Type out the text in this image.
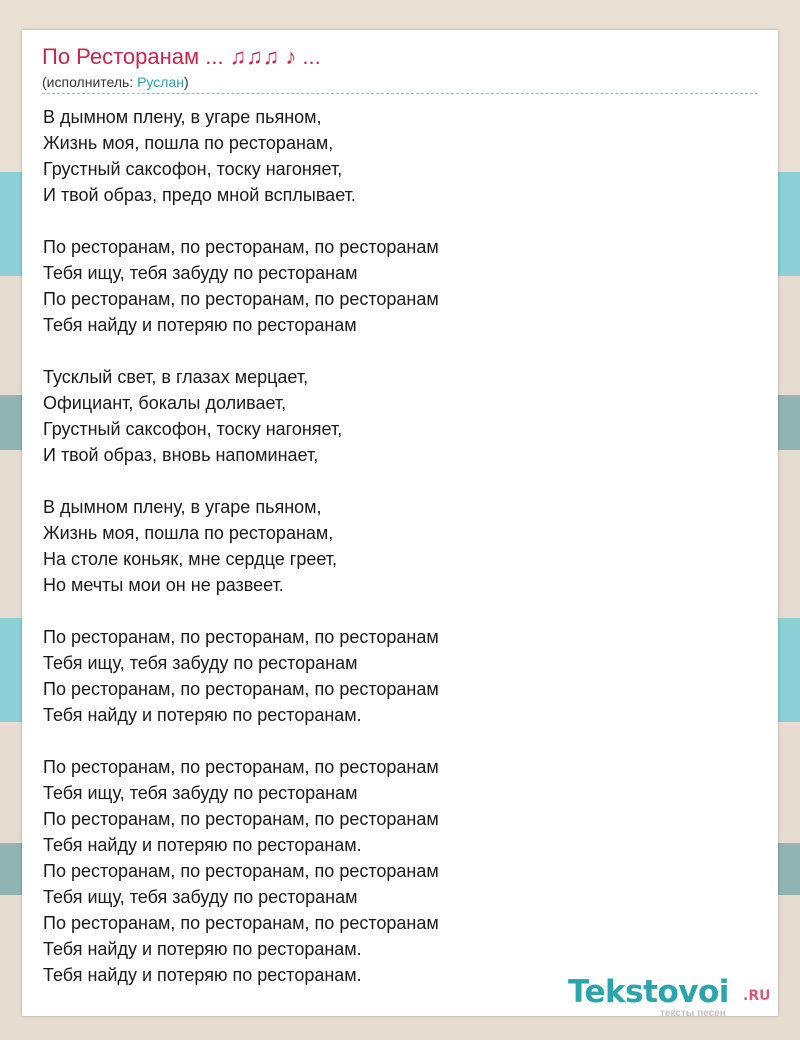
По Ресторанам ... ♫♫♫ ♪ ...
(исполнитель: Руслан)
В дымном плену, в угаре пьяном,
Жизнь моя, пошла по ресторанам,
Грустный саксофон, тоску нагоняет,
И твой образ, предо мной всплывает.
По ресторанам, по ресторанам, по ресторанам
Тебя ищу, тебя забуду по ресторанам
По ресторанам, по ресторанам, по ресторанам
Тебя найду и потеряю по ресторанам
Тусклый свет, в глазах мерцает,
Официант, бокалы доливает,
Грустный саксофон, тоску нагоняет,
И твой образ, вновь напоминает,
В дымном плену, в угаре пьяном,
Жизнь моя, пошла по ресторанам,
На столе коньяк, мне сердце греет,
Но мечты мои он не развеет.
По ресторанам, по ресторанам, по ресторанам
Тебя ищу, тебя забуду по ресторанам
По ресторанам, по ресторанам, по ресторанам
Тебя найду и потеряю по ресторанам.
По ресторанам, по ресторанам, по ресторанам
Тебя ищу, тебя забуду по ресторанам
По ресторанам, по ресторанам, по ресторанам
Тебя найду и потеряю по ресторанам.
По ресторанам, по ресторанам, по ресторанам
Тебя ищу, тебя забуду по ресторанам
По ресторанам, по ресторанам, по ресторанам
Тебя найду и потеряю по ресторанам.
Тебя найду и потеряю по ресторанам.	Tekstovoi .RU
тексты песен
